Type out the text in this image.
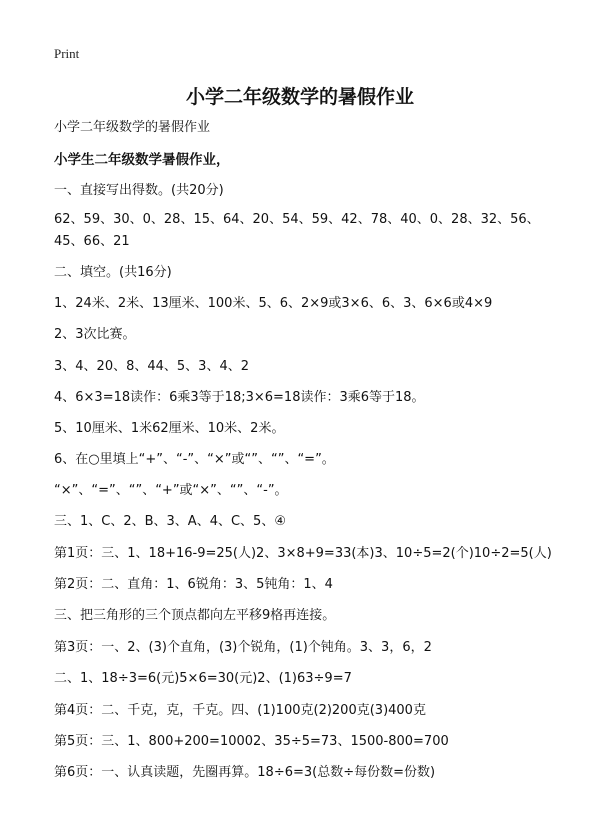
Print
小学二年级数学的暑假作业
小学二年级数学的暑假作业
小学生二年级数学暑假作业，
一、直接写出得数。(共20分)
62、59、30、0、28、15、64、20、54、59、42、78、40、0、28、32、56、45、66、21
二、填空。(共16分)
1、24米、2米、13厘米、100米、5、6、2×9或3×6、6、3、6×6或4×9
2、3次比赛。
3、4、20、8、44、5、3、4、2
4、6×3=18读作：6乘3等于18;3×6=18读作：3乘6等于18。
5、10厘米、1米62厘米、10米、2米。
6、在○里填上“+”、“-”、“×”或“”、“”、“=”。
“×”、“=”、“”、“+”或“×”、“”、“-”。
三、1、C、2、B、3、A、4、C、5、④
第1页：三、1、18+16-9=25(人)2、3×8+9=33(本)3、10÷5=2(个)10÷2=5(人)
第2页：二、直角：1、6锐角：3、5钝角：1、4
三、把三角形的三个顶点都向左平移9格再连接。
第3页：一、2、(3)个直角，(3)个锐角，(1)个钝角。3、3，6，2
二、1、18÷3=6(元)5×6=30(元)2、(1)63÷9=7
第4页：二、千克，克，千克。四、(1)100克(2)200克(3)400克
第5页：三、1、800+200=10002、35÷5=73、1500-800=700
第6页：一、认真读题，先圈再算。18÷6=3(总数÷每份数=份数)
